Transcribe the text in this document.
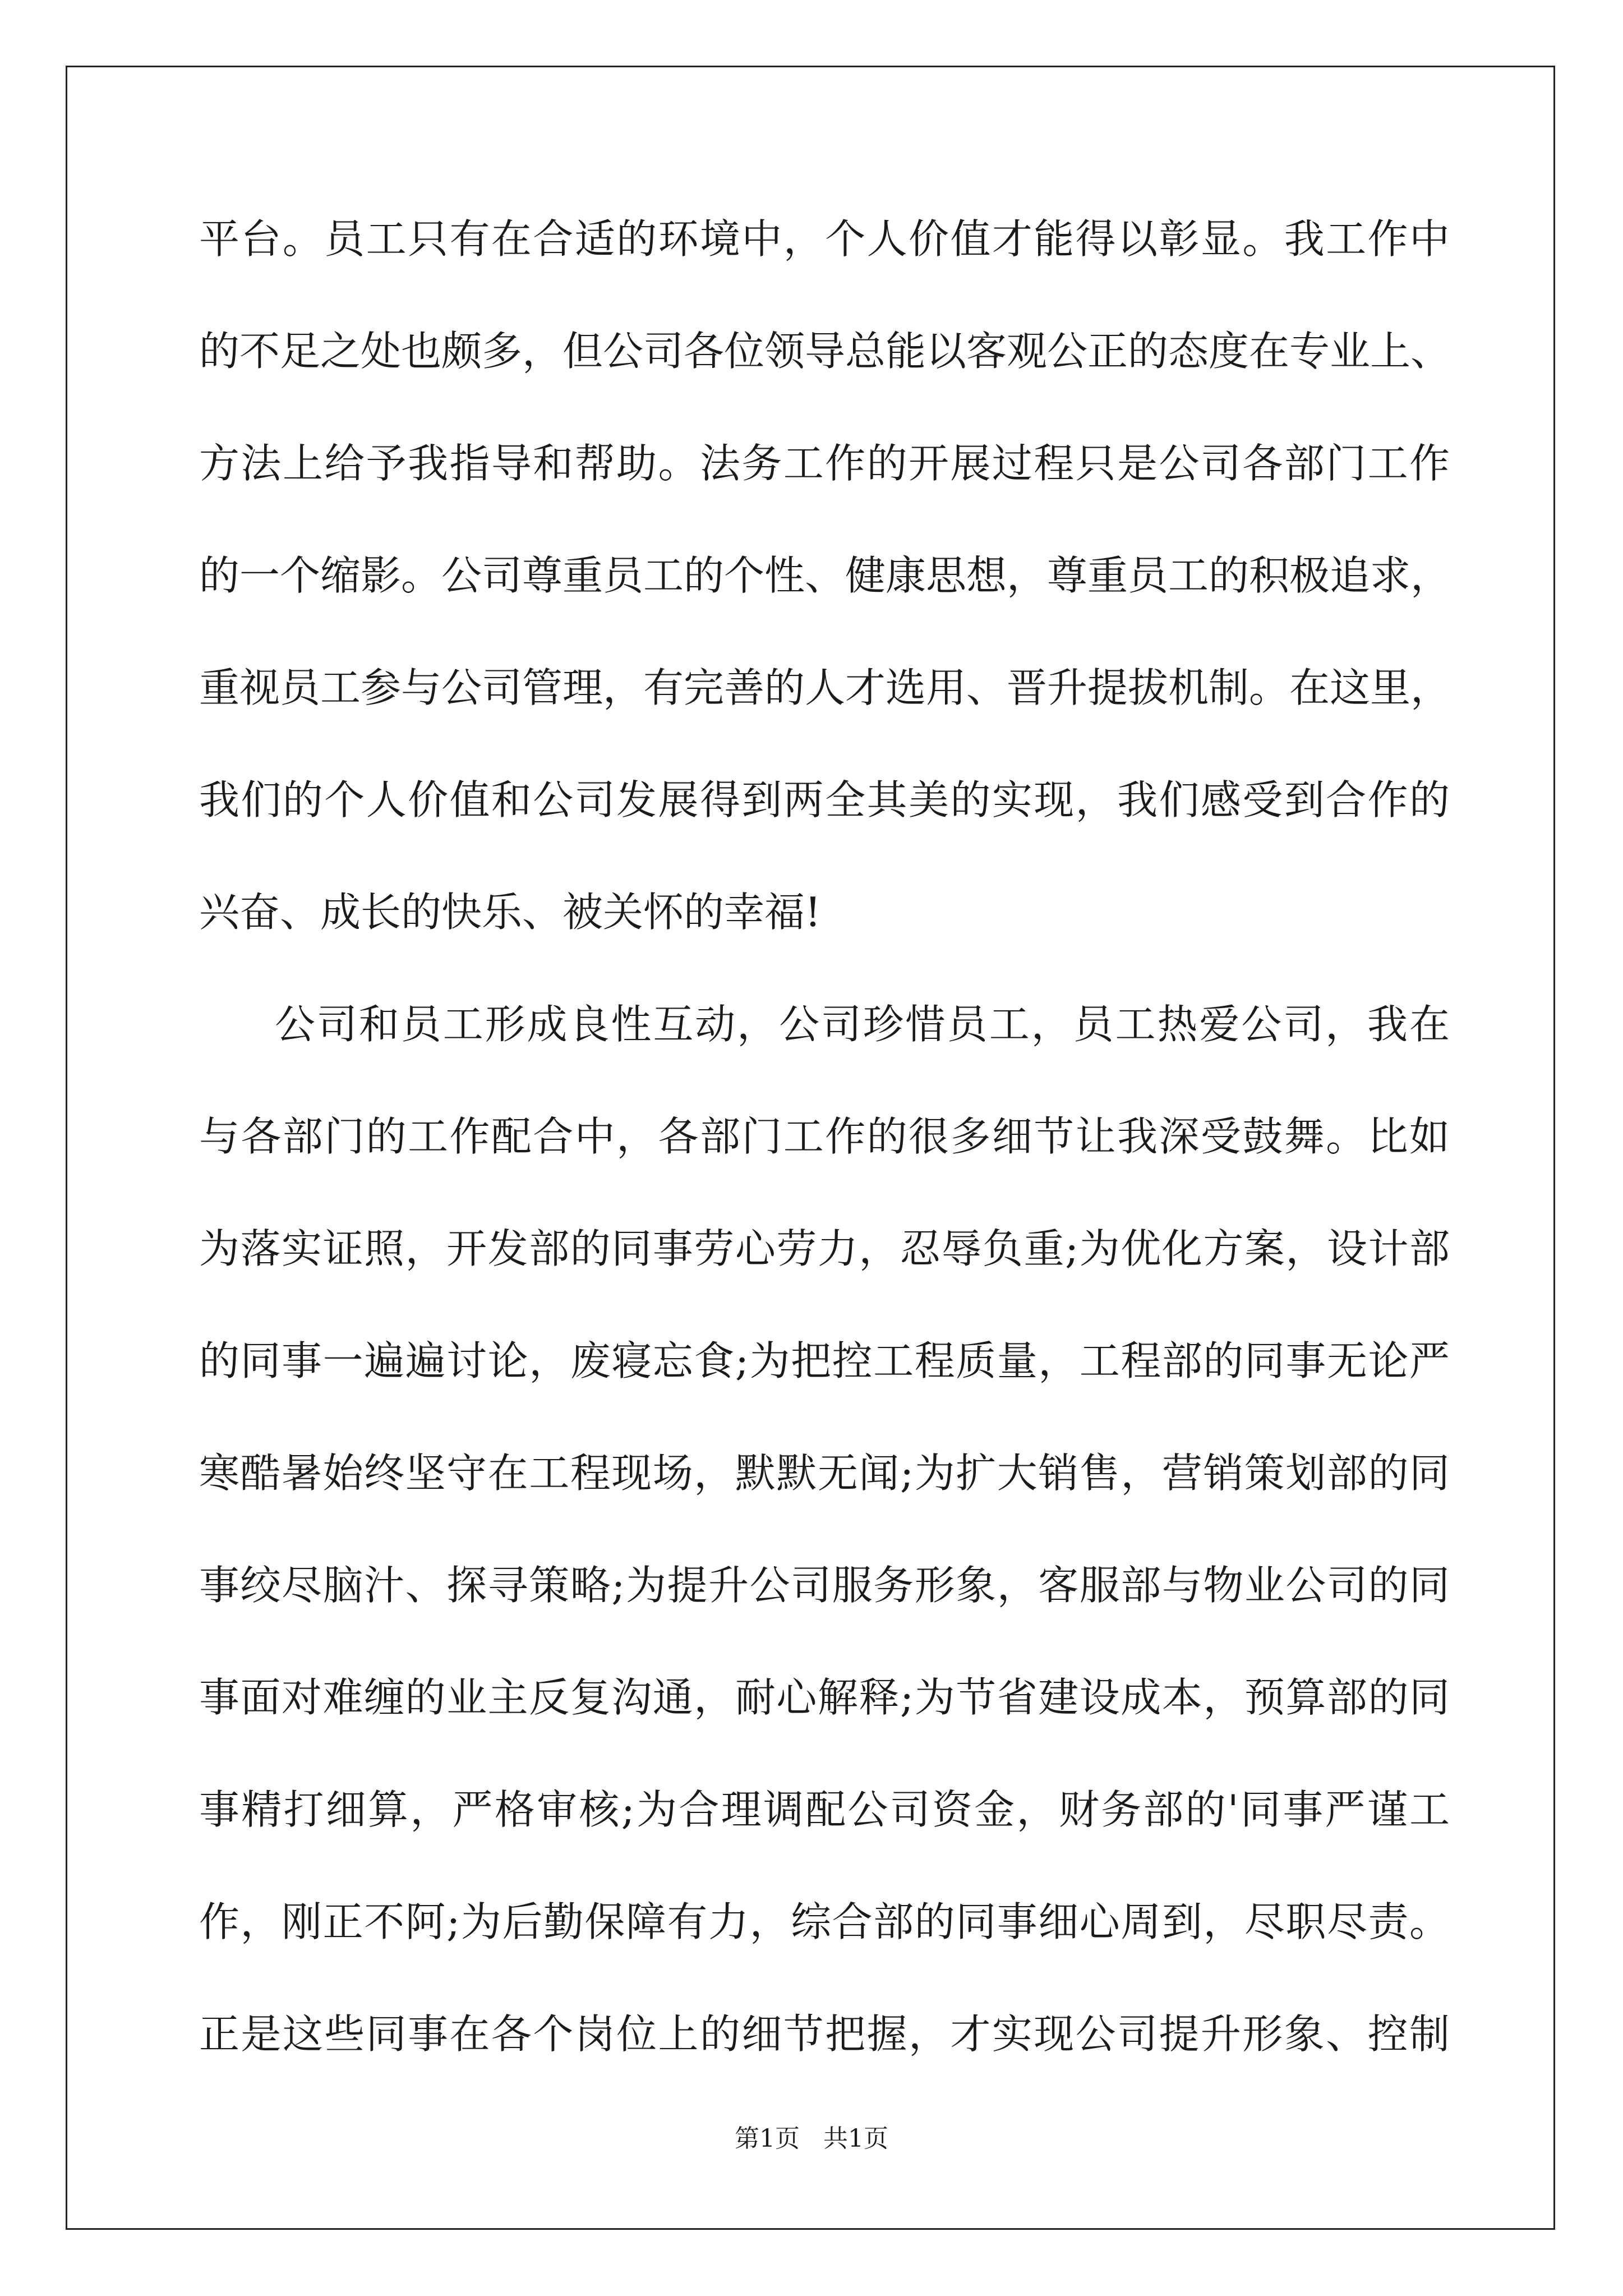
平台。员工只有在合适的环境中，个人价值才能得以彰显。我工作中
的不足之处也颇多，但公司各位领导总能以客观公正的态度在专业上、
方法上给予我指导和帮助。法务工作的开展过程只是公司各部门工作
的一个缩影。公司尊重员工的个性、健康思想，尊重员工的积极追求，
重视员工参与公司管理，有完善的人才选用、晋升提拔机制。在这里，
我们的个人价值和公司发展得到两全其美的实现，我们感受到合作的
兴奋、成长的快乐、被关怀的幸福!
公司和员工形成良性互动，公司珍惜员工，员工热爱公司，我在
与各部门的工作配合中，各部门工作的很多细节让我深受鼓舞。比如
为落实证照，开发部的同事劳心劳力，忍辱负重;为优化方案，设计部
的同事一遍遍讨论，废寝忘食;为把控工程质量，工程部的同事无论严
寒酷暑始终坚守在工程现场，默默无闻;为扩大销售，营销策划部的同
事绞尽脑汁、探寻策略;为提升公司服务形象，客服部与物业公司的同
事面对难缠的业主反复沟通，耐心解释;为节省建设成本，预算部的同
事精打细算，严格审核;为合理调配公司资金，财务部的'同事严谨工
作，刚正不阿;为后勤保障有力，综合部的同事细心周到，尽职尽责。
正是这些同事在各个岗位上的细节把握，才实现公司提升形象、控制
第1页   共1页
